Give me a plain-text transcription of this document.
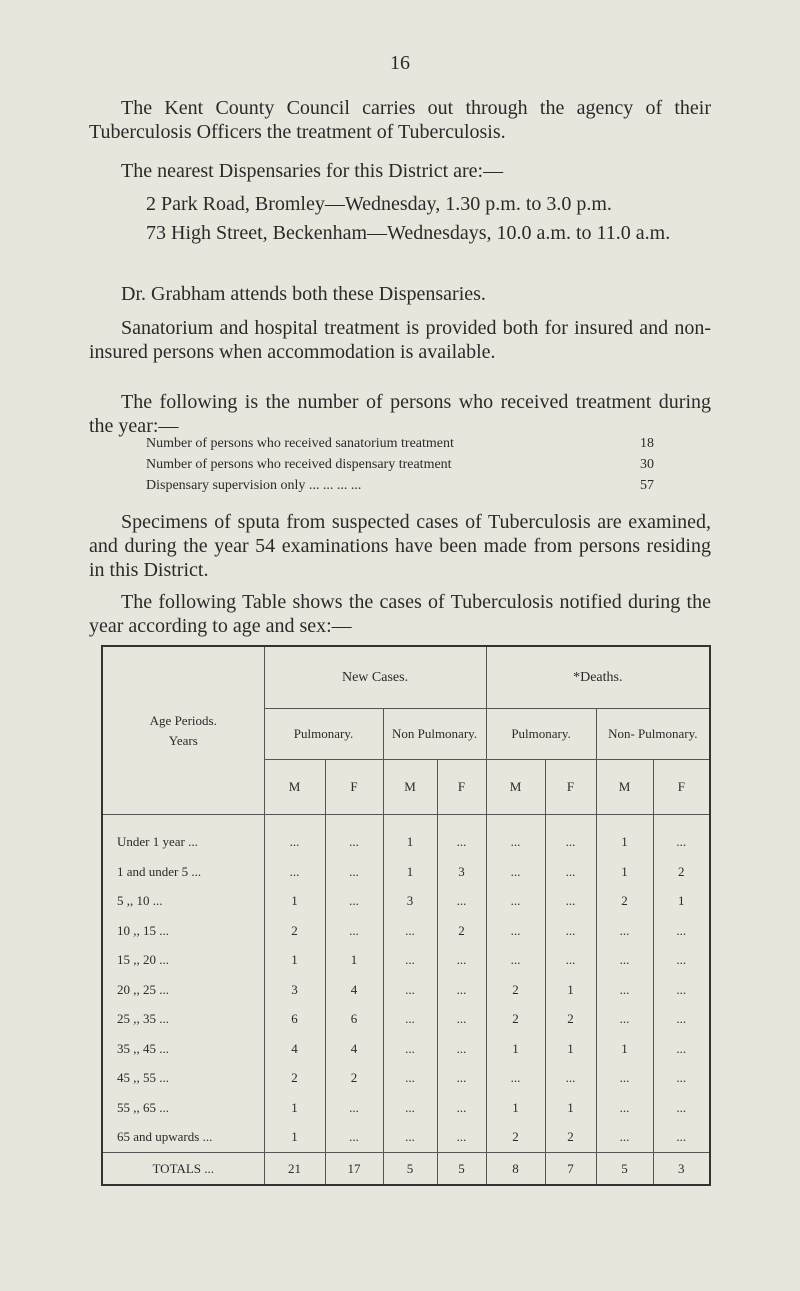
16

The Kent County Council carries out through the agency of their Tuberculosis Officers the treatment of Tuberculosis.

The nearest Dispensaries for this District are:—

2 Park Road, Bromley—Wednesday, 1.30 p.m. to 3.0 p.m.

73 High Street, Beckenham—Wednesdays, 10.0 a.m. to 11.0 a.m.

Dr. Grabham attends both these Dispensaries.

Sanatorium and hospital treatment is provided both for insured and non-insured persons when accommodation is available.

The following is the number of persons who received treatment during the year:—

Number of persons who received sanatorium treatment	18
Number of persons who received dispensary treatment	30
Dispensary supervision only ... ... ... ...	57

Specimens of sputa from suspected cases of Tuberculosis are examined, and during the year 54 examinations have been made from persons residing in this District.

The following Table shows the cases of Tuberculosis notified during the year according to age and sex:—

Age Periods.
Years	New Cases.				*Deaths.			
	Pulmonary.		Non Pulmonary.		Pulmonary.		Non- Pulmonary.	
	M	F	M	F	M	F	M	F

Under 1 year ...	...	...	1	...	...	...	1	...
1 and under 5 ...	...	...	1	3	...	...	1	2
5 ,, 10 ...	1	...	3	...	...	...	2	1
10 ,, 15 ...	2	...	...	2	...	...	...	...
15 ,, 20 ...	1	1	...	...	...	...	...	...
20 ,, 25 ...	3	4	...	...	2	1	...	...
25 ,, 35 ...	6	6	...	...	2	2	...	...
35 ,, 45 ...	4	4	...	...	1	1	1	...
45 ,, 55 ...	2	2	...	...	...	...	...	...
55 ,, 65 ...	1	...	...	...	1	1	...	...
65 and upwards ...	1	...	...	...	2	2	...	...
TOTALS ...	21	17	5	5	8	7	5	3
